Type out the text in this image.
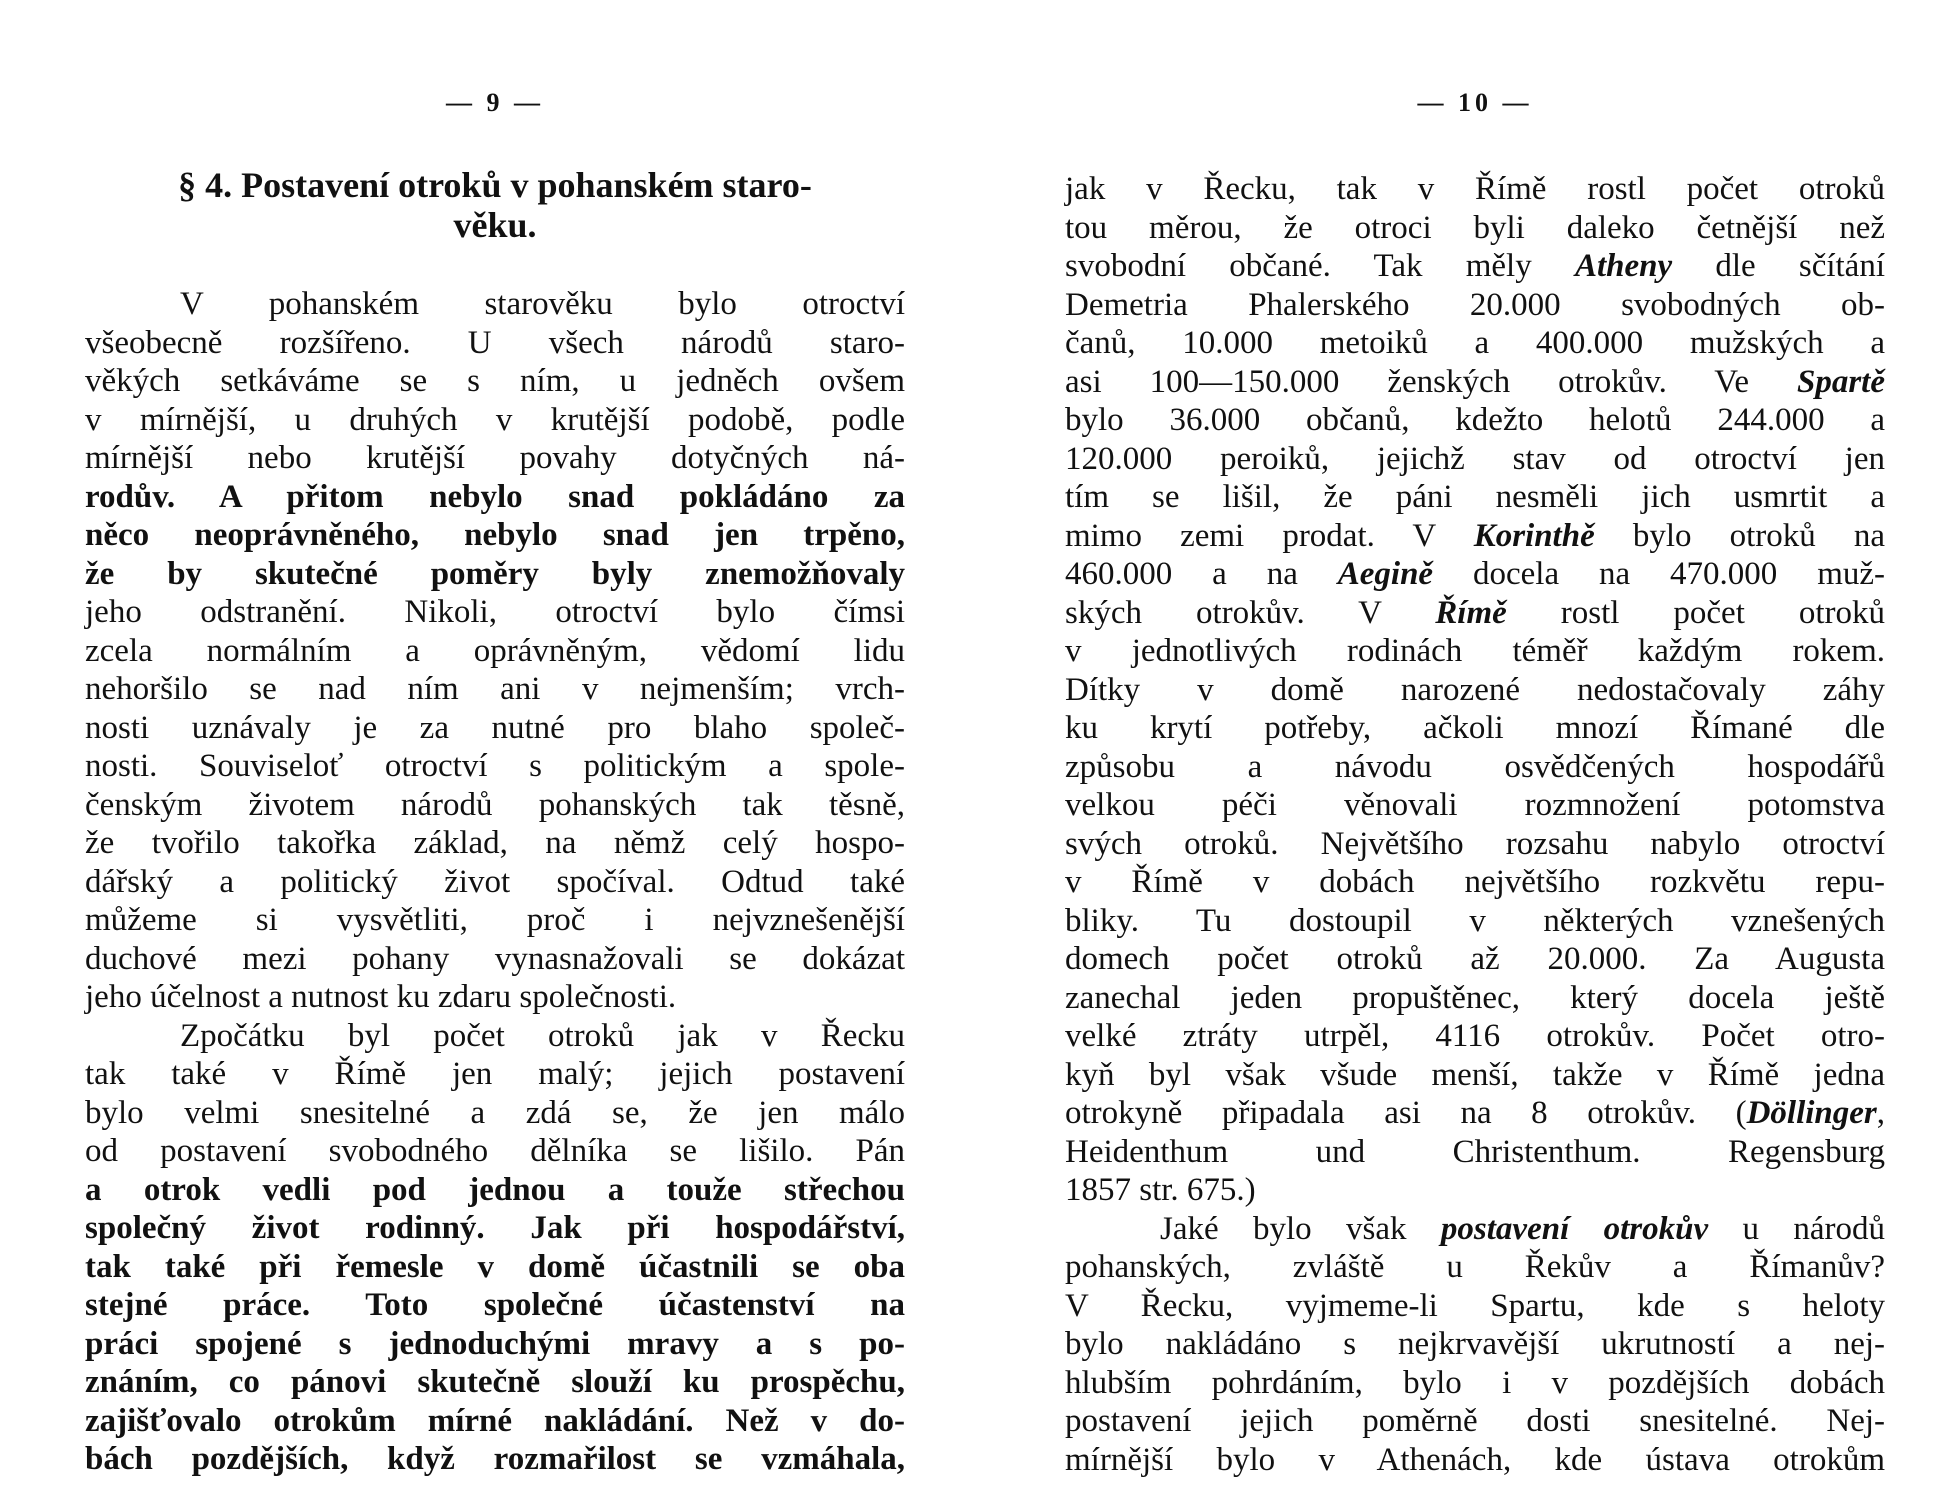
— 9 —
§ 4. Postavení otroků v pohanském staro-
věku.
V pohanském starověku bylo otroctví
všeobecně rozšířeno. U všech národů staro-
věkých setkáváme se s ním, u jedněch ovšem
v mírnější, u druhých v krutější podobě, podle
mírnější nebo krutější povahy dotyčných ná-
rodův. A přitom nebylo snad pokládáno za
něco neoprávněného, nebylo snad jen trpěno,
že by skutečné poměry byly znemožňovaly
jeho odstranění. Nikoli, otroctví bylo čímsi
zcela normálním a oprávněným, vědomí lidu
nehoršilo se nad ním ani v nejmenším; vrch-
nosti uznávaly je za nutné pro blaho společ-
nosti. Souviseloť otroctví s politickým a spole-
čenským životem národů pohanských tak těsně,
že tvořilo takořka základ, na němž celý hospo-
dářský a politický život spočíval. Odtud také
můžeme si vysvětliti, proč i nejvznešenější
duchové mezi pohany vynasnažovali se dokázat
jeho účelnost a nutnost ku zdaru společnosti.
Zpočátku byl počet otroků jak v Řecku
tak také v Římě jen malý; jejich postavení
bylo velmi snesitelné a zdá se, že jen málo
od postavení svobodného dělníka se lišilo. Pán
a otrok vedli pod jednou a touže střechou
společný život rodinný. Jak při hospodářství,
tak také při řemesle v domě účastnili se oba
stejné práce. Toto společné účastenství na
práci spojené s jednoduchými mravy a s po-
znáním, co pánovi skutečně slouží ku prospěchu,
zajišťovalo otrokům mírné nakládání. Než v do-
bách pozdějších, když rozmařilost se vzmáhala,
— 10 —
jak v Řecku, tak v Římě rostl počet otroků
tou měrou, že otroci byli daleko četnější než
svobodní občané. Tak měly Atheny dle sčítání
Demetria Phalerského 20.000 svobodných ob-
čanů, 10.000 metoiků a 400.000 mužských a
asi 100—150.000 ženských otrokův. Ve Spartě
bylo 36.000 občanů, kdežto helotů 244.000 a
120.000 peroiků, jejichž stav od otroctví jen
tím se lišil, že páni nesměli jich usmrtit a
mimo zemi prodat. V Korinthě bylo otroků na
460.000 a na Aegině docela na 470.000 muž-
ských otrokův. V Římě rostl počet otroků
v jednotlivých rodinách téměř každým rokem.
Dítky v domě narozené nedostačovaly záhy
ku krytí potřeby, ačkoli mnozí Římané dle
způsobu a návodu osvědčených hospodářů
velkou péči věnovali rozmnožení potomstva
svých otroků. Největšího rozsahu nabylo otroctví
v Římě v dobách největšího rozkvětu repu-
bliky. Tu dostoupil v některých vznešených
domech počet otroků až 20.000. Za Augusta
zanechal jeden propuštěnec, který docela ještě
velké ztráty utrpěl, 4116 otrokův. Počet otro-
kyň byl však všude menší, takže v Římě jedna
otrokyně připadala asi na 8 otrokův. (Döllinger,
Heidenthum und Christenthum. Regensburg
1857 str. 675.)
Jaké bylo však postavení otrokův u národů
pohanských, zvláště u Řekův a Římanův?
V Řecku, vyjmeme-li Spartu, kde s heloty
bylo nakládáno s nejkrvavější ukrutností a nej-
hlubším pohrdáním, bylo i v pozdějších dobách
postavení jejich poměrně dosti snesitelné. Nej-
mírnější bylo v Athenách, kde ústava otrokům
